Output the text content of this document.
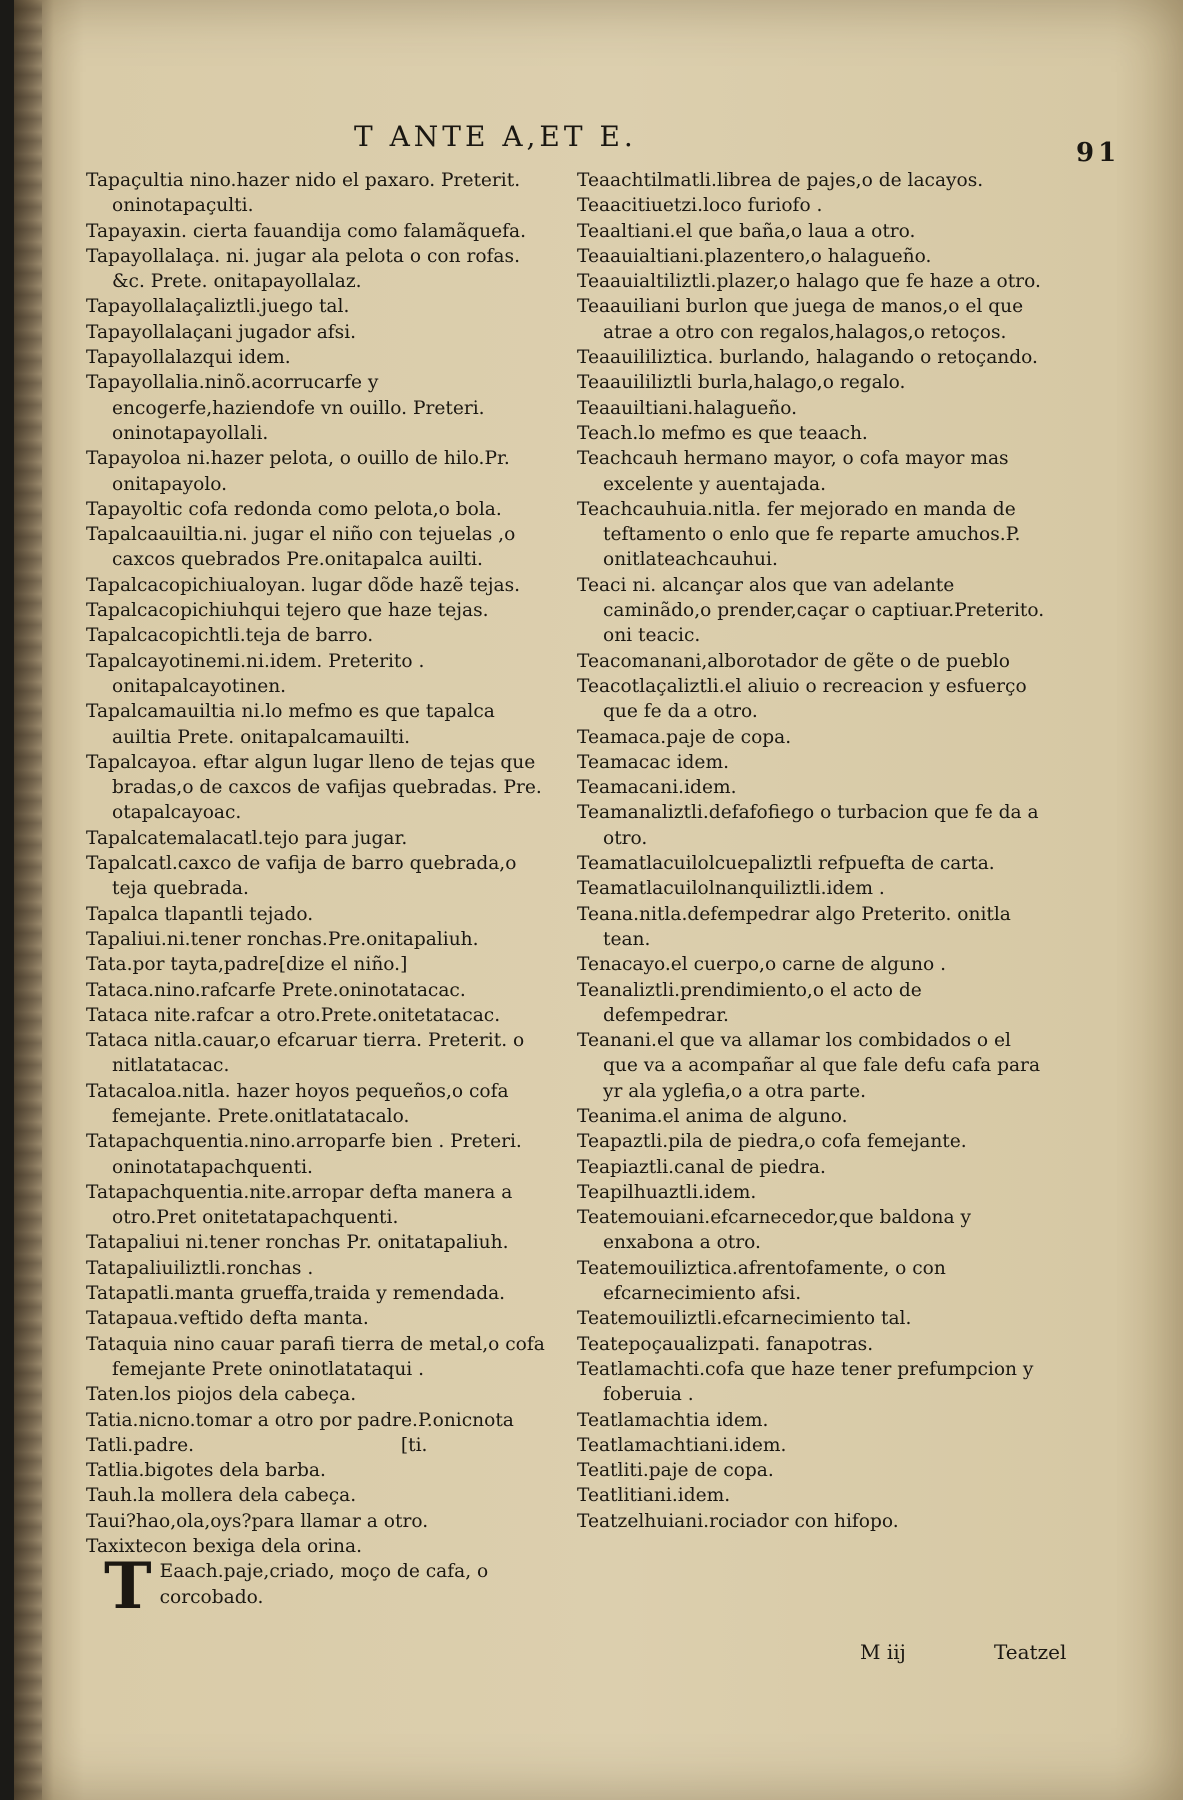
T ANTE A,ET E.	91

Tapaçultia nino.hazer nido el paxaro. Preterit. oninotapaçulti.

Tapayaxin. cierta fauandija como falamãquefa.

Tapayollalaça. ni. jugar ala pelota o con rofas. &c. Prete. onitapayollalaz.

Tapayollalaçaliztli.juego tal.

Tapayollalaçani jugador afsi.

Tapayollalazqui idem.

Tapayollalia.ninõ.acorrucarfe y encogerfe,haziendofe vn ouillo. Preteri. oninotapayollali.

Tapayoloa ni.hazer pelota, o ouillo de hilo.Pr. onitapayolo.

Tapayoltic cofa redonda como pelota,o bola.

Tapalcaauiltia.ni. jugar el niño con tejuelas ,o caxcos quebrados Pre.onitapalca auilti.

Tapalcacopichiualoyan. lugar dõde hazẽ tejas.

Tapalcacopichiuhqui tejero que haze tejas.

Tapalcacopichtli.teja de barro.

Tapalcayotinemi.ni.idem. Preterito . onitapalcayotinen.

Tapalcamauiltia ni.lo mefmo es que tapalca auiltia Prete. onitapalcamauilti.

Tapalcayoa. eftar algun lugar lleno de tejas que bradas,o de caxcos de vafijas quebradas. Pre. otapalcayoac.

Tapalcatemalacatl.tejo para jugar.

Tapalcatl.caxco de vafija de barro quebrada,o teja quebrada.

Tapalca tlapantli tejado.

Tapaliui.ni.tener ronchas.Pre.onitapaliuh.

Tata.por tayta,padre[dize el niño.]

Tataca.nino.rafcarfe Prete.oninotatacac.

Tataca nite.rafcar a otro.Prete.onitetatacac.

Tataca nitla.cauar,o efcaruar tierra. Preterit. o nitlatatacac.

Tatacaloa.nitla. hazer hoyos pequeños,o cofa femejante. Prete.onitlatatacalo.

Tatapachquentia.nino.arroparfe bien . Preteri. oninotatapachquenti.

Tatapachquentia.nite.arropar defta manera a otro.Pret onitetatapachquenti.

Tatapaliui ni.tener ronchas Pr. onitatapaliuh.

Tatapaliuiliztli.ronchas .

Tatapatli.manta grueffa,traida y remendada.

Tatapaua.veftido defta manta.

Tataquia nino cauar parafi tierra de metal,o cofa femejante Prete oninotlatataqui .

Taten.los piojos dela cabeça.

Tatia.nicno.tomar a otro por padre.P.onicnota

Tatli.padre.                                   [ti.

Tatlia.bigotes dela barba.

Tauh.la mollera dela cabeça.

Taui?hao,ola,oys?para llamar a otro.

Taxixtecon bexiga dela orina.

T Eaach.paje,criado, moço de cafa, o corcobado.

Teaachtilmatli.librea de pajes,o de lacayos.

Teaacitiuetzi.loco furiofo .

Teaaltiani.el que baña,o laua a otro.

Teaauialtiani.plazentero,o halagueño.

Teaauialtiliztli.plazer,o halago que fe haze a otro.

Teaauiliani burlon que juega de manos,o el que atrae a otro con regalos,halagos,o retoços.

Teaauililiztica. burlando, halagando o retoçando.

Teaauililiztli burla,halago,o regalo.

Teaauiltiani.halagueño.

Teach.lo mefmo es que teaach.

Teachcauh hermano mayor, o cofa mayor mas excelente y auentajada.

Teachcauhuia.nitla. fer mejorado en manda de teftamento o enlo que fe reparte amuchos.P. onitlateachcauhui.

Teaci ni. alcançar alos que van adelante caminãdo,o prender,caçar o captiuar.Preterito. oni teacic.

Teacomanani,alborotador de gẽte o de pueblo

Teacotlaçaliztli.el aliuio o recreacion y esfuerço que fe da a otro.

Teamaca.paje de copa.

Teamacac idem.

Teamacani.idem.

Teamanaliztli.defafofiego o turbacion que fe da a otro.

Teamatlacuilolcuepaliztli refpuefta de carta.

Teamatlacuilolnanquiliztli.idem .

Teana.nitla.defempedrar algo Preterito. onitla tean.

Tenacayo.el cuerpo,o carne de alguno .

Teanaliztli.prendimiento,o el acto de defempedrar.

Teanani.el que va allamar los combidados o el que va a acompañar al que fale defu cafa para yr ala yglefia,o a otra parte.

Teanima.el anima de alguno.

Teapaztli.pila de piedra,o cofa femejante.

Teapiaztli.canal de piedra.

Teapilhuaztli.idem.

Teatemouiani.efcarnecedor,que baldona y enxabona a otro.

Teatemouiliztica.afrentofamente, o con efcarnecimiento afsi.

Teatemouiliztli.efcarnecimiento tal.

Teatepoçaualizpati. fanapotras.

Teatlamachti.cofa que haze tener prefumpcion y foberuia .

Teatlamachtia idem.

Teatlamachtiani.idem.

Teatliti.paje de copa.

Teatlitiani.idem.

Teatzelhuiani.rociador con hifopo.

M iij	Teatzel
